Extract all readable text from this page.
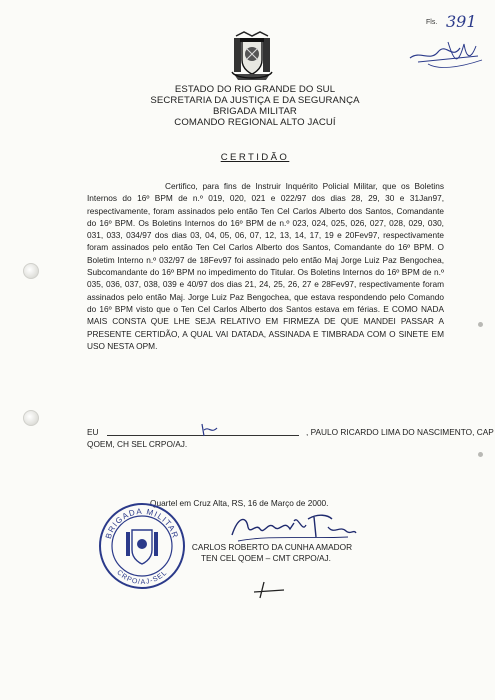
Fls. 391
ESTADO DO RIO GRANDE DO SUL
SECRETARIA DA JUSTIÇA E DA SEGURANÇA
BRIGADA MILITAR
COMANDO REGIONAL ALTO JACUÍ
CERTIDÃO

Certifico, para fins de Instruir Inquérito Policial Militar, que os Boletins Internos do 16º BPM de n.º 019, 020, 021 e 022/97 dos dias 28, 29, 30 e 31Jan97, respectivamente, foram assinados pelo então Ten Cel Carlos Alberto dos Santos, Comandante do 16º BPM. Os Boletins Internos do 16º BPM de n.º 023, 024, 025, 026, 027, 028, 029, 030, 031, 033, 034/97 dos dias 03, 04, 05, 06, 07, 12, 13, 14, 17, 19 e 20Fev97, respectivamente foram assinados pelo então Ten Cel Carlos Alberto dos Santos, Comandante do 16º BPM. O Boletim Interno n.º 032/97 de 18Fev97 foi assinado pelo então Maj Jorge Luiz Paz Bengochea, Subcomandante do 16º BPM no impedimento do Titular. Os Boletins Internos do 16º BPM de n.º 035, 036, 037, 038, 039 e 40/97 dos dias 21, 24, 25, 26, 27 e 28Fev97, respectivamente foram assinados pelo então Maj. Jorge Luiz Paz Bengochea, que estava respondendo pelo Comando do 16º BPM visto que o Ten Cel Carlos Alberto dos Santos estava em férias. E COMO NADA MAIS CONSTA QUE LHE SEJA RELATIVO EM FIRMEZA DE QUE MANDEI PASSAR A PRESENTE CERTIDÃO, A QUAL VAI DATADA, ASSINADA E TIMBRADA COM O SINETE EM USO NESTA OPM.

EU	, PAULO RICARDO LIMA DO NASCIMENTO, CAP
QOEM, CH SEL CRPO/AJ.
Quartel em Cruz Alta, RS, 16 de Março de 2000.
BRIGADA MILITAR
CRPO/AJ-SEL
CARLOS ROBERTO DA CUNHA AMADOR
TEN CEL QOEM – CMT CRPO/AJ.
